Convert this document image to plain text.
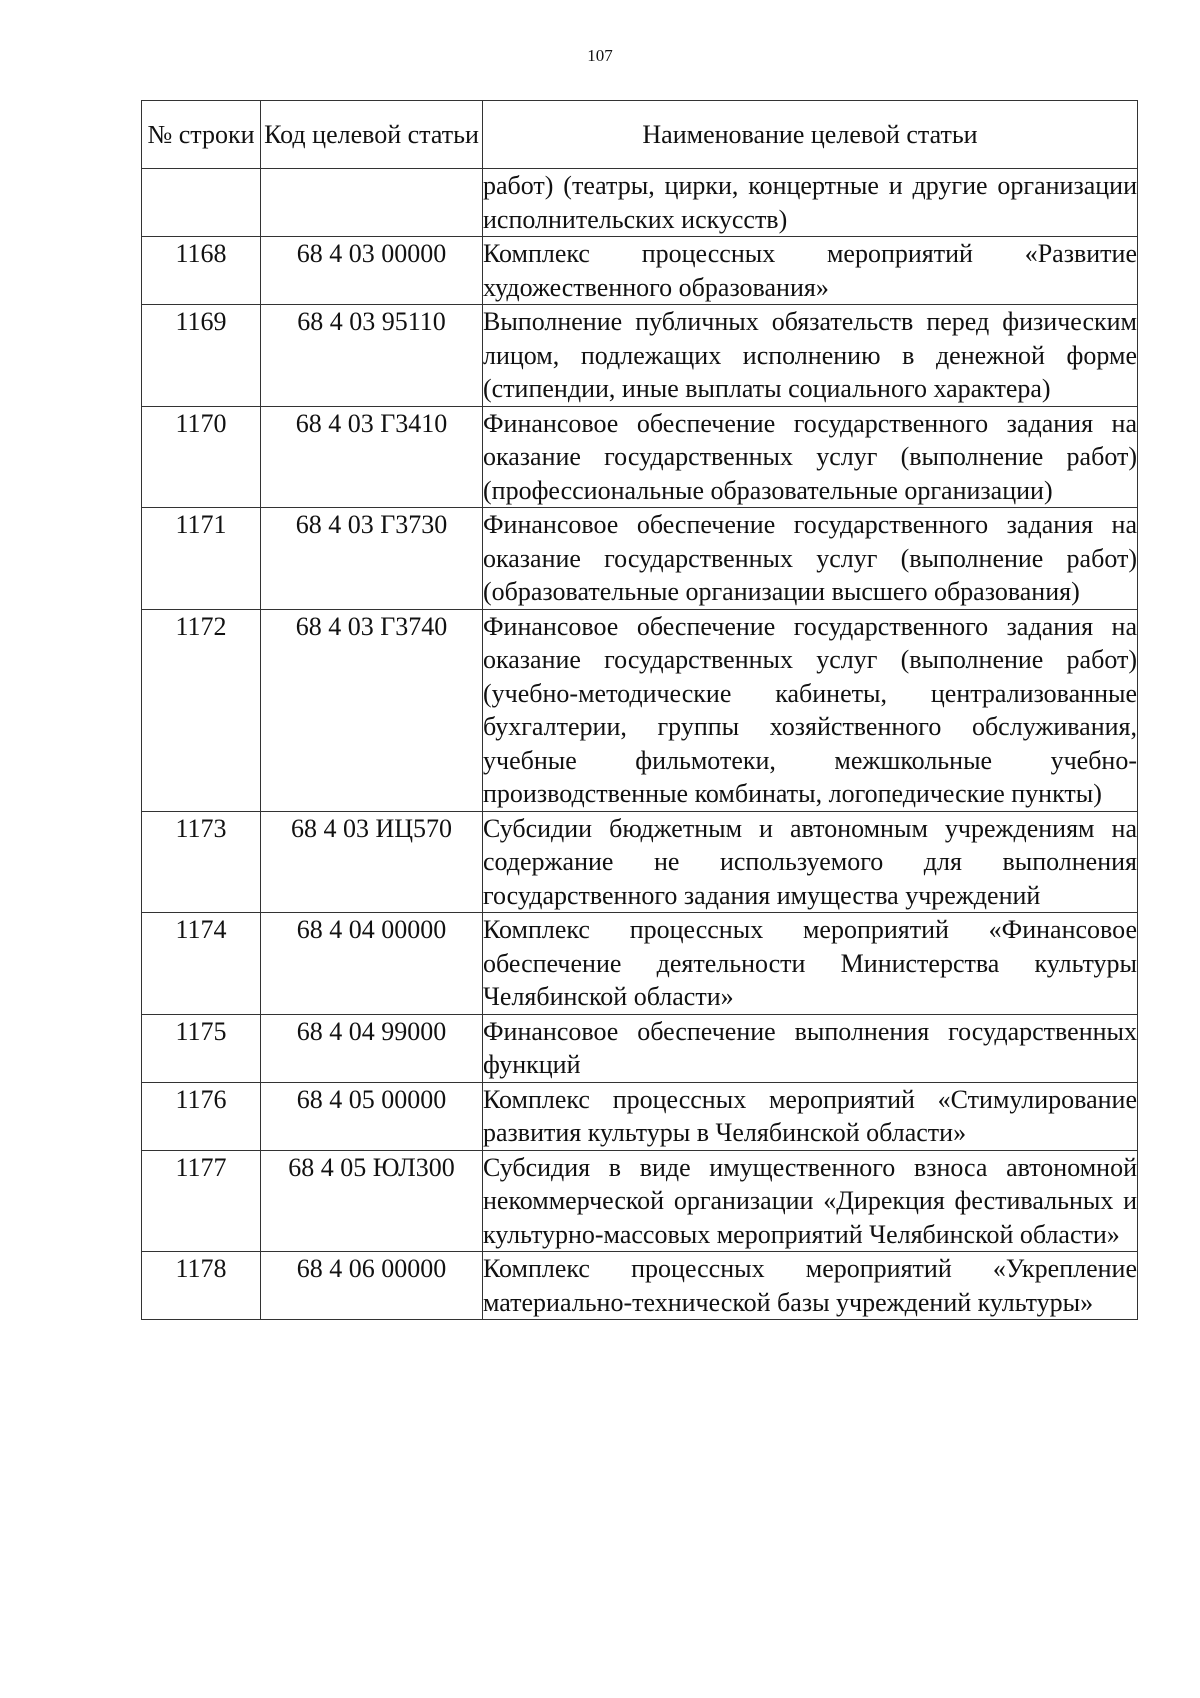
107
№ строки	Код целевой статьи	Наименование целевой статьи
		работ) (театры, цирки, концертные и другие организации исполнительских искусств)
1168	68 4 03 00000	Комплекс процессных мероприятий «Развитие художественного образования»
1169	68 4 03 95110	Выполнение публичных обязательств перед физическим лицом, подлежащих исполнению в денежной форме (стипендии, иные выплаты социального характера)
1170	68 4 03 Г3410	Финансовое обеспечение государственного задания на оказание государственных услуг (выполнение работ) (профессиональные образовательные организации)
1171	68 4 03 Г3730	Финансовое обеспечение государственного задания на оказание государственных услуг (выполнение работ) (образовательные организации высшего образования)
1172	68 4 03 Г3740	Финансовое обеспечение государственного задания на оказание государственных услуг (выполнение работ) (учебно-методические кабинеты, централизованные бухгалтерии, группы хозяйственного обслуживания, учебные фильмотеки, межшкольные учебно-производственные комбинаты, логопедические пункты)
1173	68 4 03 ИЦ570	Субсидии бюджетным и автономным учреждениям на содержание не используемого для выполнения государственного задания имущества учреждений
1174	68 4 04 00000	Комплекс процессных мероприятий «Финансовое обеспечение деятельности Министерства культуры Челябинской области»
1175	68 4 04 99000	Финансовое обеспечение выполнения государственных функций
1176	68 4 05 00000	Комплекс процессных мероприятий «Стимулирование развития культуры в Челябинской области»
1177	68 4 05 ЮЛ300	Субсидия в виде имущественного взноса автономной некоммерческой организации «Дирекция фестивальных и культурно-массовых мероприятий Челябинской области»
1178	68 4 06 00000	Комплекс процессных мероприятий «Укрепление материально-технической базы учреждений культуры»
